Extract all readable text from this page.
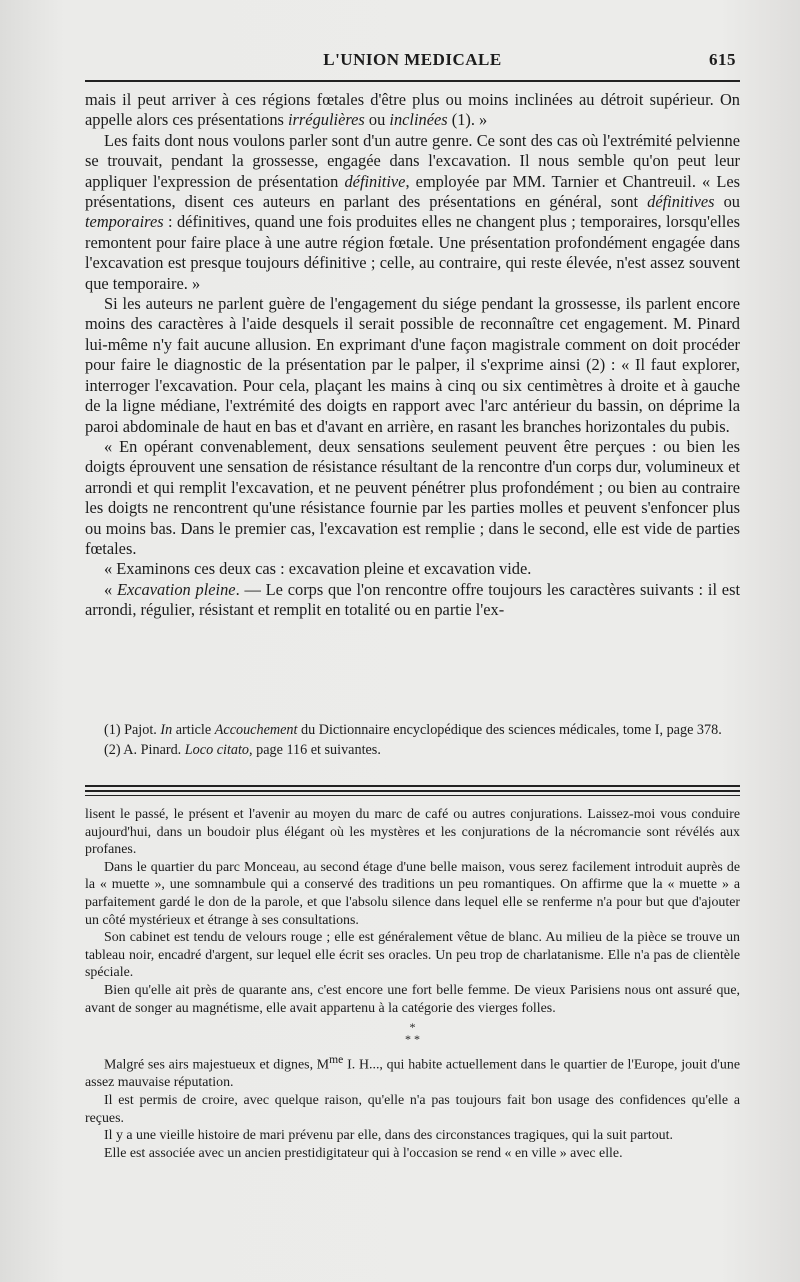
L'UNION MEDICALE	615

mais il peut arriver à ces régions fœtales d'être plus ou moins inclinées au détroit supérieur. On appelle alors ces présentations irrégulières ou inclinées (1). »

Les faits dont nous voulons parler sont d'un autre genre. Ce sont des cas où l'extrémité pelvienne se trouvait, pendant la grossesse, engagée dans l'excavation. Il nous semble qu'on peut leur appliquer l'expression de présentation définitive, employée par MM. Tarnier et Chantreuil. « Les présentations, disent ces auteurs en parlant des présentations en général, sont définitives ou temporaires : définitives, quand une fois produites elles ne changent plus ; temporaires, lorsqu'elles remontent pour faire place à une autre région fœtale. Une présentation profondément engagée dans l'excavation est presque toujours définitive ; celle, au contraire, qui reste élevée, n'est assez souvent que temporaire. »

Si les auteurs ne parlent guère de l'engagement du siége pendant la grossesse, ils parlent encore moins des caractères à l'aide desquels il serait possible de reconnaître cet engagement. M. Pinard lui-même n'y fait aucune allusion. En exprimant d'une façon magistrale comment on doit procéder pour faire le diagnostic de la présentation par le palper, il s'exprime ainsi (2) : « Il faut explorer, interroger l'excavation. Pour cela, plaçant les mains à cinq ou six centimètres à droite et à gauche de la ligne médiane, l'extrémité des doigts en rapport avec l'arc antérieur du bassin, on déprime la paroi abdominale de haut en bas et d'avant en arrière, en rasant les branches horizontales du pubis.

« En opérant convenablement, deux sensations seulement peuvent être perçues : ou bien les doigts éprouvent une sensation de résistance résultant de la rencontre d'un corps dur, volumineux et arrondi et qui remplit l'excavation, et ne peuvent pénétrer plus profondément ; ou bien au contraire les doigts ne rencontrent qu'une résistance fournie par les parties molles et peuvent s'enfoncer plus ou moins bas. Dans le premier cas, l'excavation est remplie ; dans le second, elle est vide de parties fœtales.

« Examinons ces deux cas : excavation pleine et excavation vide.

« Excavation pleine. — Le corps que l'on rencontre offre toujours les caractères suivants : il est arrondi, régulier, résistant et remplit en totalité ou en partie l'ex-

(1) Pajot. In article Accouchement du Dictionnaire encyclopédique des sciences médicales, tome I, page 378.

(2) A. Pinard. Loco citato, page 116 et suivantes.

lisent le passé, le présent et l'avenir au moyen du marc de café ou autres conjurations. Laissez-moi vous conduire aujourd'hui, dans un boudoir plus élégant où les mystères et les conjurations de la nécromancie sont révélés aux profanes.

Dans le quartier du parc Monceau, au second étage d'une belle maison, vous serez facilement introduit auprès de la « muette », une somnambule qui a conservé des traditions un peu romantiques. On affirme que la « muette » a parfaitement gardé le don de la parole, et que l'absolu silence dans lequel elle se renferme n'a pour but que d'ajouter un côté mystérieux et étrange à ses consultations.

Son cabinet est tendu de velours rouge ; elle est généralement vêtue de blanc. Au milieu de la pièce se trouve un tableau noir, encadré d'argent, sur lequel elle écrit ses oracles. Un peu trop de charlatanisme. Elle n'a pas de clientèle spéciale.

Bien qu'elle ait près de quarante ans, c'est encore une fort belle femme. De vieux Parisiens nous ont assuré que, avant de songer au magnétisme, elle avait appartenu à la catégorie des vierges folles.

*
* *

Malgré ses airs majestueux et dignes, $M^{me}$ I. H..., qui habite actuellement dans le quartier de l'Europe, jouit d'une assez mauvaise réputation.

Il est permis de croire, avec quelque raison, qu'elle n'a pas toujours fait bon usage des confidences qu'elle a reçues.

Il y a une vieille histoire de mari prévenu par elle, dans des circonstances tragiques, qui la suit partout.

Elle est associée avec un ancien prestidigitateur qui à l'occasion se rend « en ville » avec elle.
